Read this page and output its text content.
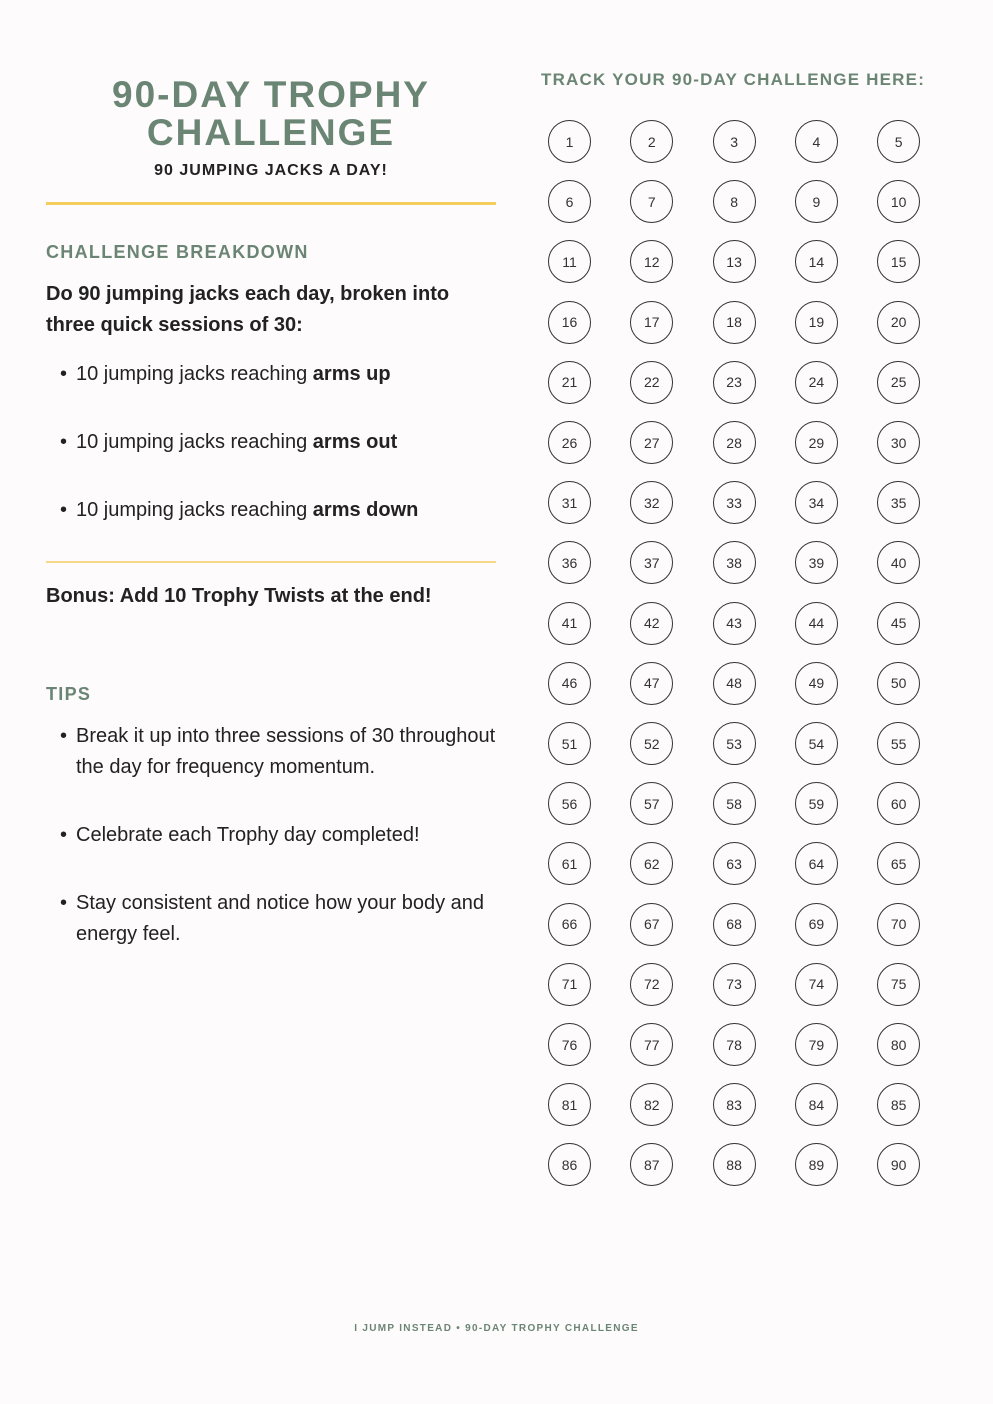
90-DAY TROPHY
CHALLENGE

90 JUMPING JACKS A DAY!

CHALLENGE BREAKDOWN

Do 90 jumping jacks each day, broken into three quick sessions of 30:

• 10 jumping jacks reaching arms up
• 10 jumping jacks reaching arms out
• 10 jumping jacks reaching arms down

Bonus: Add 10 Trophy Twists at the end!

TIPS
• Break it up into three sessions of 30 throughout the day for frequency momentum.
• Celebrate each Trophy day completed!
• Stay consistent and notice how your body and energy feel.
TRACK YOUR 90-DAY CHALLENGE HERE:
1	2	3	4	5
6	7	8	9	10
11	12	13	14	15
16	17	18	19	20
21	22	23	24	25
26	27	28	29	30
31	32	33	34	35
36	37	38	39	40
41	42	43	44	45
46	47	48	49	50
51	52	53	54	55
56	57	58	59	60
61	62	63	64	65
66	67	68	69	70
71	72	73	74	75
76	77	78	79	80
81	82	83	84	85
86	87	88	89	90
I JUMP INSTEAD • 90-DAY TROPHY CHALLENGE
